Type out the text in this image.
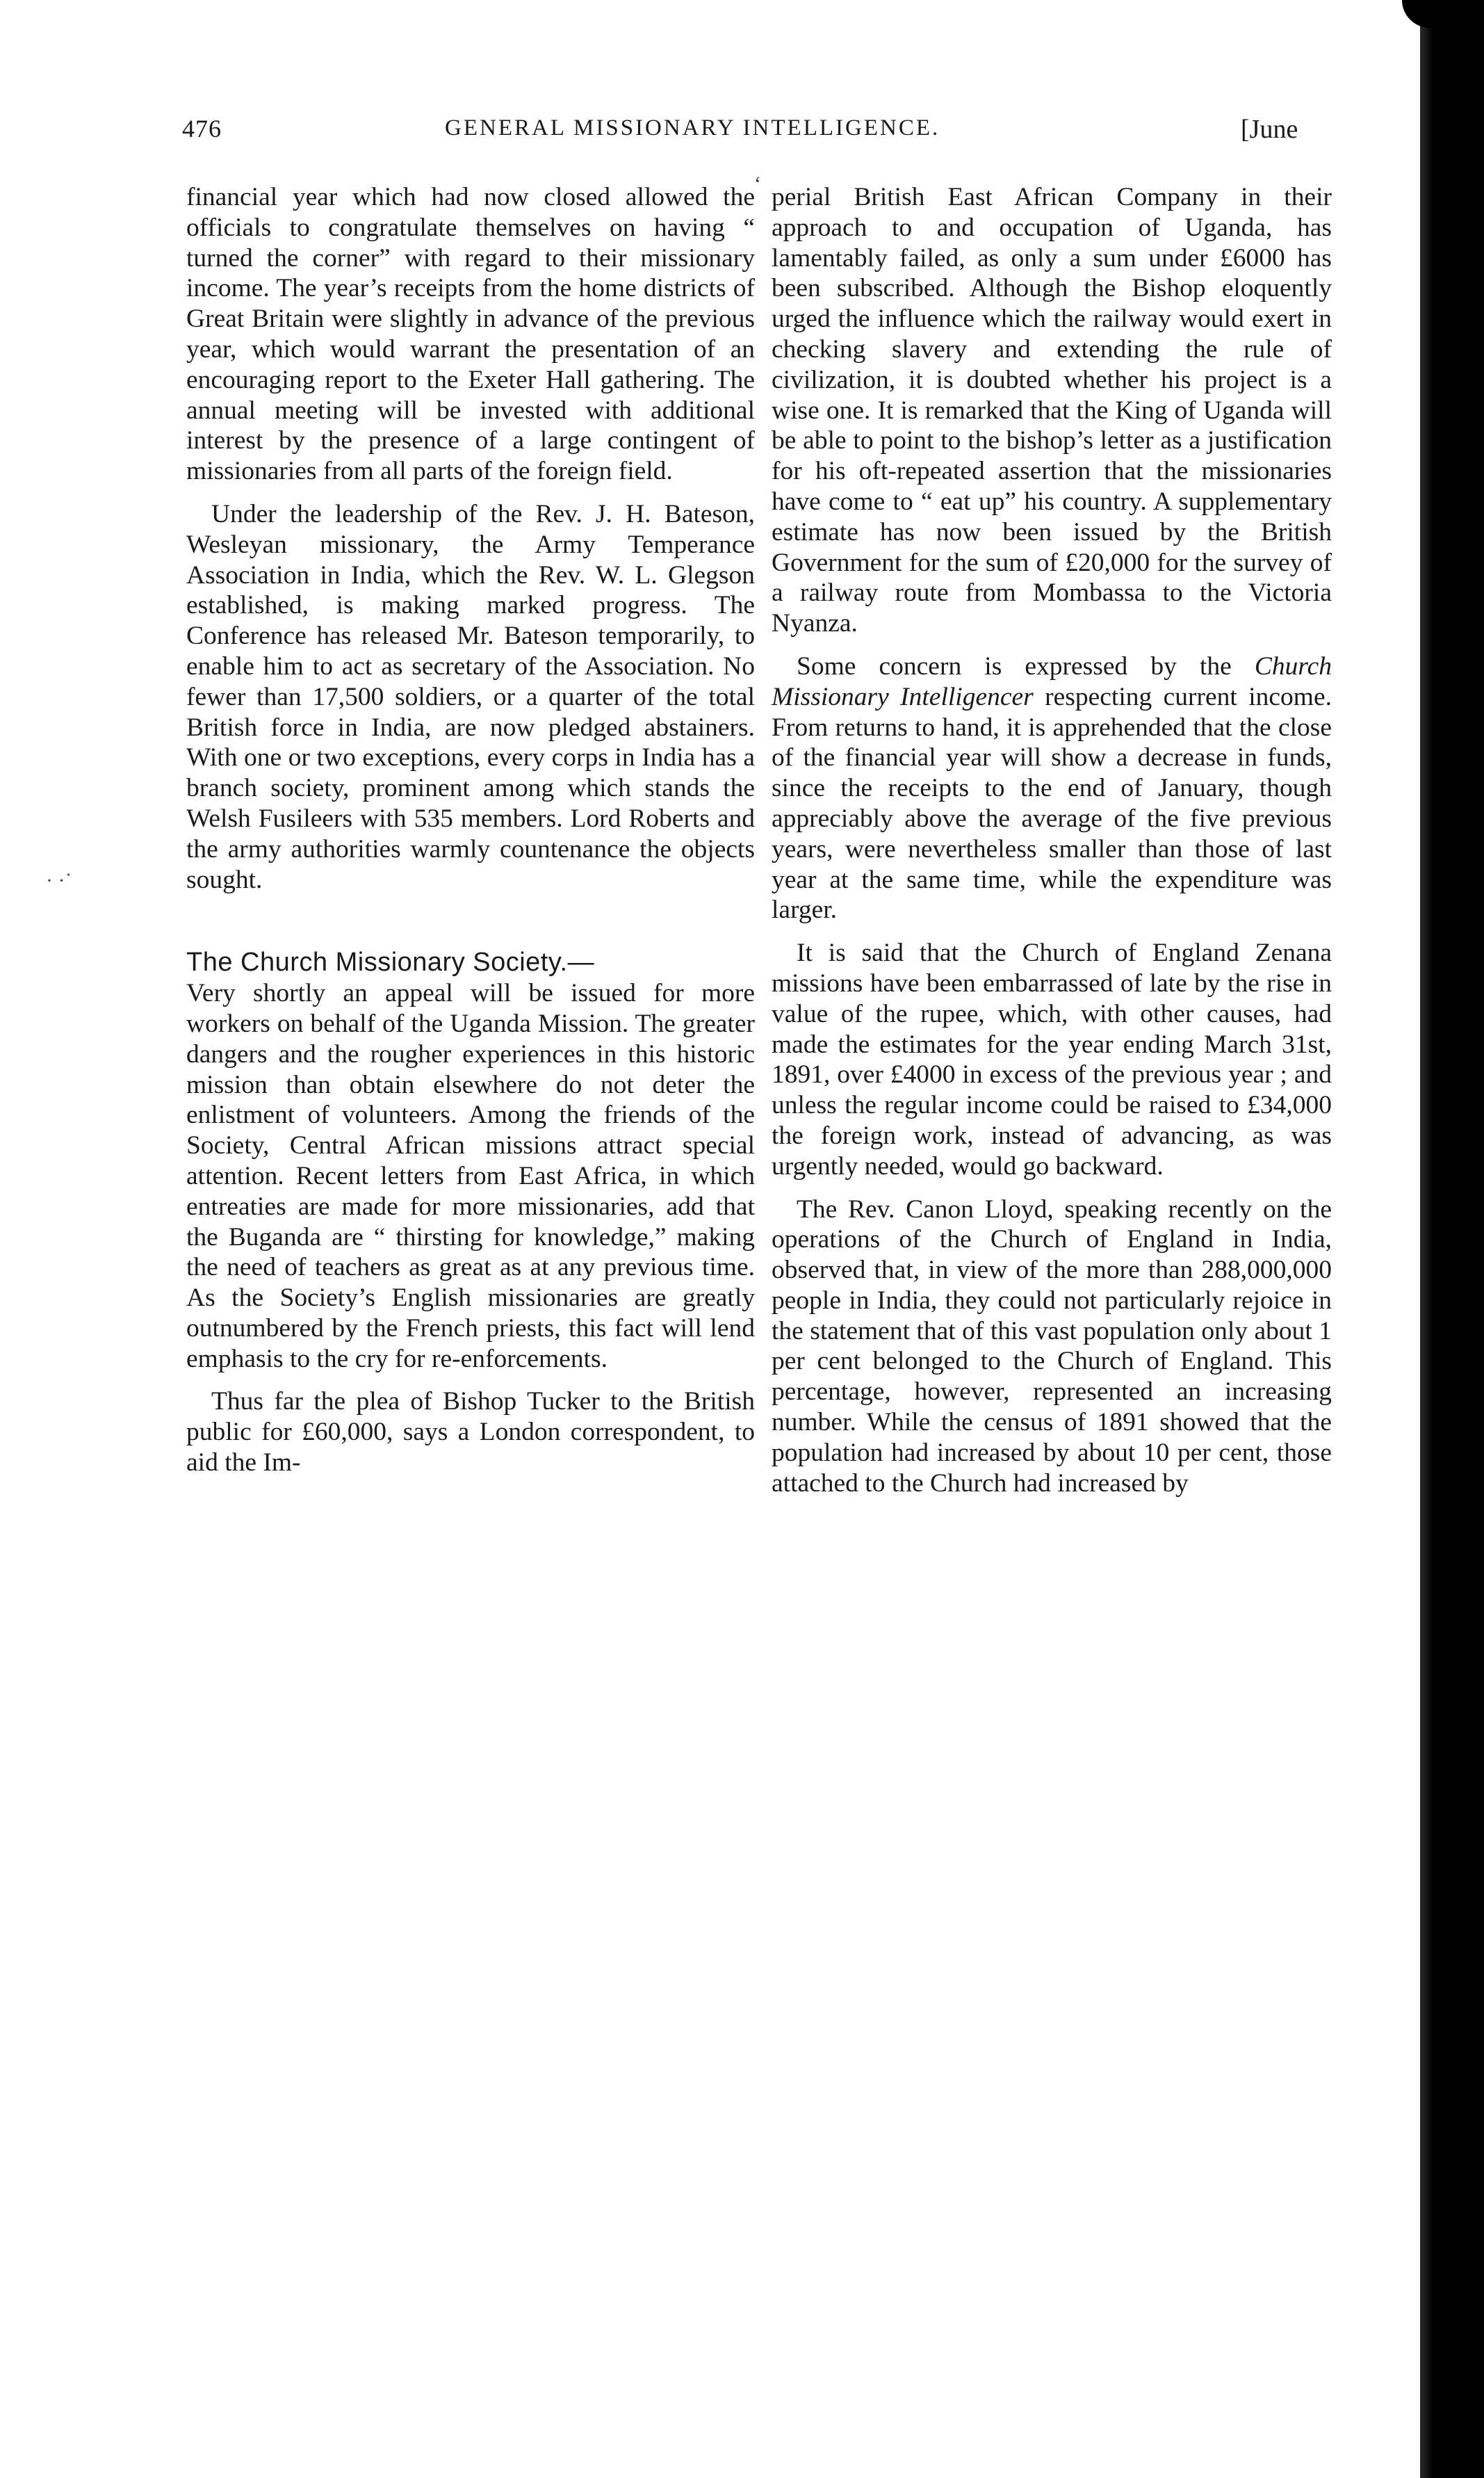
476	GENERAL MISSIONARY INTELLIGENCE.	[June
‘
· ·˙

financial year which had now closed allowed the officials to congratulate themselves on having “ turned the corner” with regard to their missionary income. The year’s receipts from the home districts of Great Britain were slightly in advance of the previous year, which would warrant the presentation of an encouraging report to the Exeter Hall gathering. The annual meeting will be invested with additional interest by the presence of a large contingent of missionaries from all parts of the foreign field.

Under the leadership of the Rev. J. H. Bateson, Wesleyan missionary, the Army Temperance Association in India, which the Rev. W. L. Glegson established, is making marked progress. The Conference has released Mr. Bateson temporarily, to enable him to act as secretary of the Association. No fewer than 17,500 soldiers, or a quarter of the total British force in India, are now pledged abstainers. With one or two exceptions, every corps in India has a branch society, prominent among which stands the Welsh Fusileers with 535 members. Lord Roberts and the army authorities warmly countenance the objects sought.

The Church Missionary Society.—

Very shortly an appeal will be issued for more workers on behalf of the Uganda Mission. The greater dangers and the rougher experiences in this historic mission than obtain elsewhere do not deter the enlistment of volunteers. Among the friends of the Society, Central African missions attract special attention. Recent letters from East Africa, in which entreaties are made for more missionaries, add that the Buganda are “ thirsting for knowledge,” making the need of teachers as great as at any previous time. As the Society’s English missionaries are greatly outnumbered by the French priests, this fact will lend emphasis to the cry for re-enforcements.

Thus far the plea of Bishop Tucker to the British public for £60,000, says a London correspondent, to aid the Im-

perial British East African Company in their approach to and occupation of Uganda, has lamentably failed, as only a sum under £6000 has been subscribed. Although the Bishop eloquently urged the influence which the railway would exert in checking slavery and extending the rule of civilization, it is doubted whether his project is a wise one. It is remarked that the King of Uganda will be able to point to the bishop’s letter as a justification for his oft-repeated assertion that the missionaries have come to “ eat up” his country. A supplementary estimate has now been issued by the British Government for the sum of £20,000 for the survey of a railway route from Mombassa to the Victoria Nyanza.

Some concern is expressed by the Church Missionary Intelligencer respecting current income. From returns to hand, it is apprehended that the close of the financial year will show a decrease in funds, since the receipts to the end of January, though appreciably above the average of the five previous years, were nevertheless smaller than those of last year at the same time, while the expenditure was larger.

It is said that the Church of England Zenana missions have been embarrassed of late by the rise in value of the rupee, which, with other causes, had made the estimates for the year ending March 31st, 1891, over £4000 in excess of the previous year ; and unless the regular income could be raised to £34,000 the foreign work, instead of advancing, as was urgently needed, would go backward.

The Rev. Canon Lloyd, speaking recently on the operations of the Church of England in India, observed that, in view of the more than 288,000,000 people in India, they could not particularly rejoice in the statement that of this vast population only about 1 per cent belonged to the Church of England. This percentage, however, represented an increasing number. While the census of 1891 showed that the population had increased by about 10 per cent, those attached to the Church had increased by
